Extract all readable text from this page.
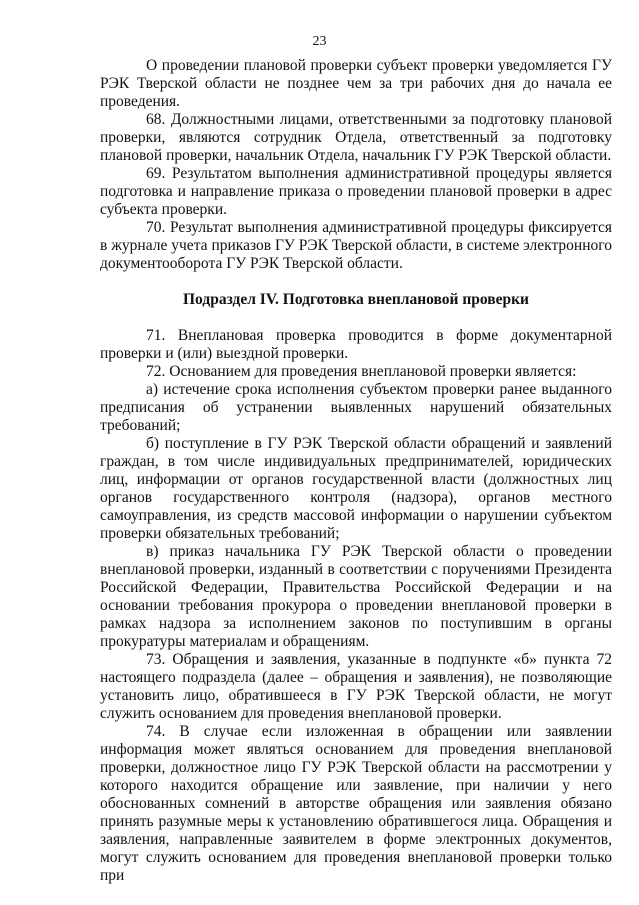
23

О проведении плановой проверки субъект проверки уведомляется ГУ РЭК Тверской области не позднее чем за три рабочих дня до начала ее проведения.

68. Должностными лицами, ответственными за подготовку плановой проверки, являются сотрудник Отдела, ответственный за подготовку плановой проверки, начальник Отдела, начальник ГУ РЭК Тверской области.

69. Результатом выполнения административной процедуры является подготовка и направление приказа о проведении плановой проверки в адрес субъекта проверки.

70. Результат выполнения административной процедуры фиксируется в журнале учета приказов ГУ РЭК Тверской области, в системе электронного документооборота ГУ РЭК Тверской области.

Подраздел IV. Подготовка внеплановой проверки

71. Внеплановая проверка проводится в форме документарной проверки и (или) выездной проверки.

72. Основанием для проведения внеплановой проверки является:

а) истечение срока исполнения субъектом проверки ранее выданного предписания об устранении выявленных нарушений обязательных требований;

б) поступление в ГУ РЭК Тверской области обращений и заявлений граждан, в том числе индивидуальных предпринимателей, юридических лиц, информации от органов государственной власти (должностных лиц органов государственного контроля (надзора), органов местного самоуправления, из средств массовой информации о нарушении субъектом проверки обязательных требований;

в) приказ начальника ГУ РЭК Тверской области о проведении внеплановой проверки, изданный в соответствии с поручениями Президента Российской Федерации, Правительства Российской Федерации и на основании требования прокурора о проведении внеплановой проверки в рамках надзора за исполнением законов по поступившим в органы прокуратуры материалам и обращениям.

73. Обращения и заявления, указанные в подпункте «б» пункта 72 настоящего подраздела (далее – обращения и заявления), не позволяющие установить лицо, обратившееся в ГУ РЭК Тверской области, не могут служить основанием для проведения внеплановой проверки.

74. В случае если изложенная в обращении или заявлении информация может являться основанием для проведения внеплановой проверки, должностное лицо ГУ РЭК Тверской области на рассмотрении у которого находится обращение или заявление, при наличии у него обоснованных сомнений в авторстве обращения или заявления обязано принять разумные меры к установлению обратившегося лица. Обращения и заявления, направленные заявителем в форме электронных документов, могут служить основанием для проведения внеплановой проверки только при
